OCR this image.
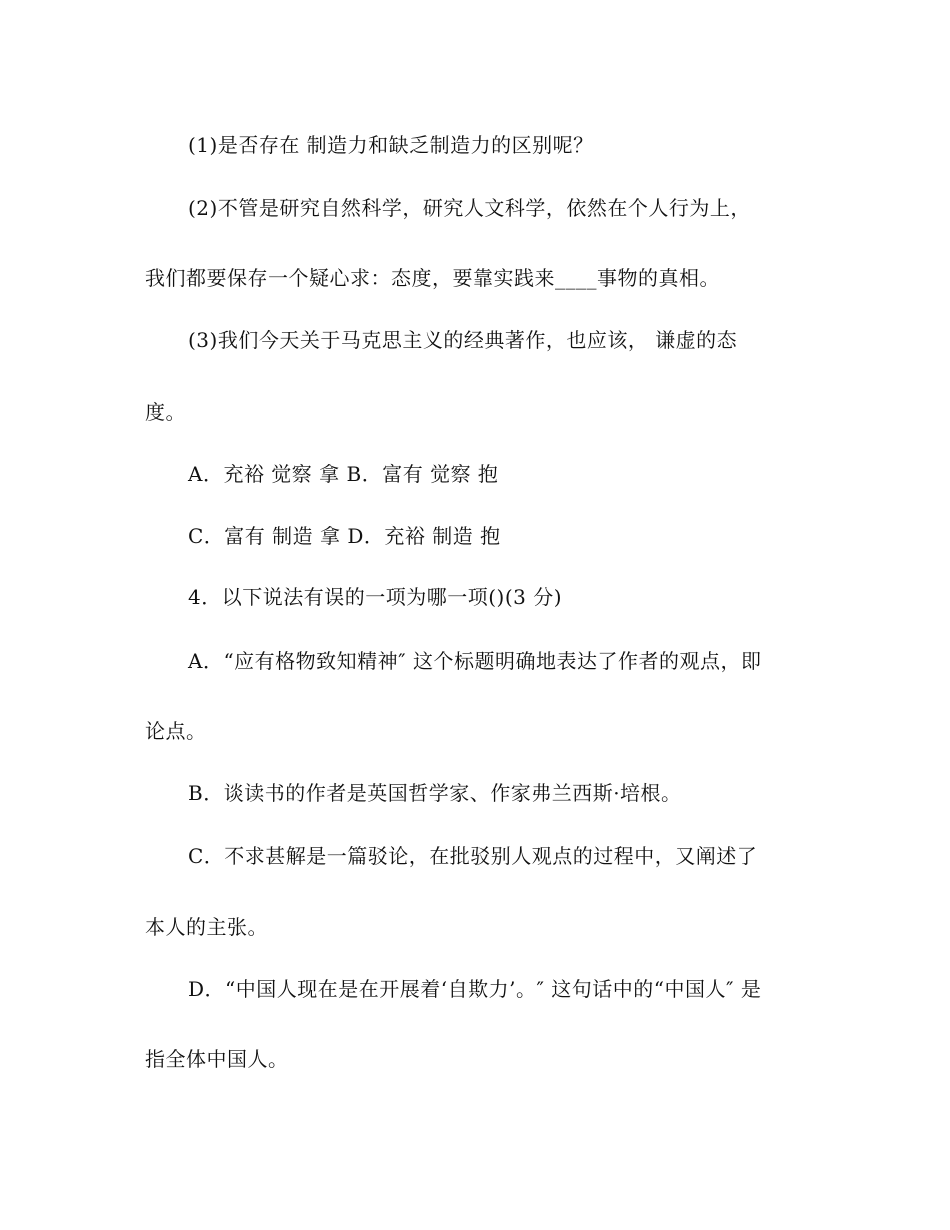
(1)是否存在 制造力和缺乏制造力的区别呢？
(2)不管是研究自然科学，研究人文科学，依然在个人行为上，
我们都要保存一个疑心求：态度，要靠实践来____事物的真相。
(3)我们今天关于马克思主义的经典著作，也应该， 谦虚的态
度。
A．充裕 觉察 拿 B．富有 觉察 抱
C．富有 制造 拿 D．充裕 制造 抱
4．以下说法有误的一项为哪一项()(3 分)
A．“应有格物致知精神″ 这个标题明确地表达了作者的观点，即
论点。
B．谈读书的作者是英国哲学家、作家弗兰西斯·培根。
C．不求甚解是一篇驳论，在批驳别人观点的过程中，又阐述了
本人的主张。
D．“中国人现在是在开展着‘自欺力’。″ 这句话中的“中国人″ 是
指全体中国人。
